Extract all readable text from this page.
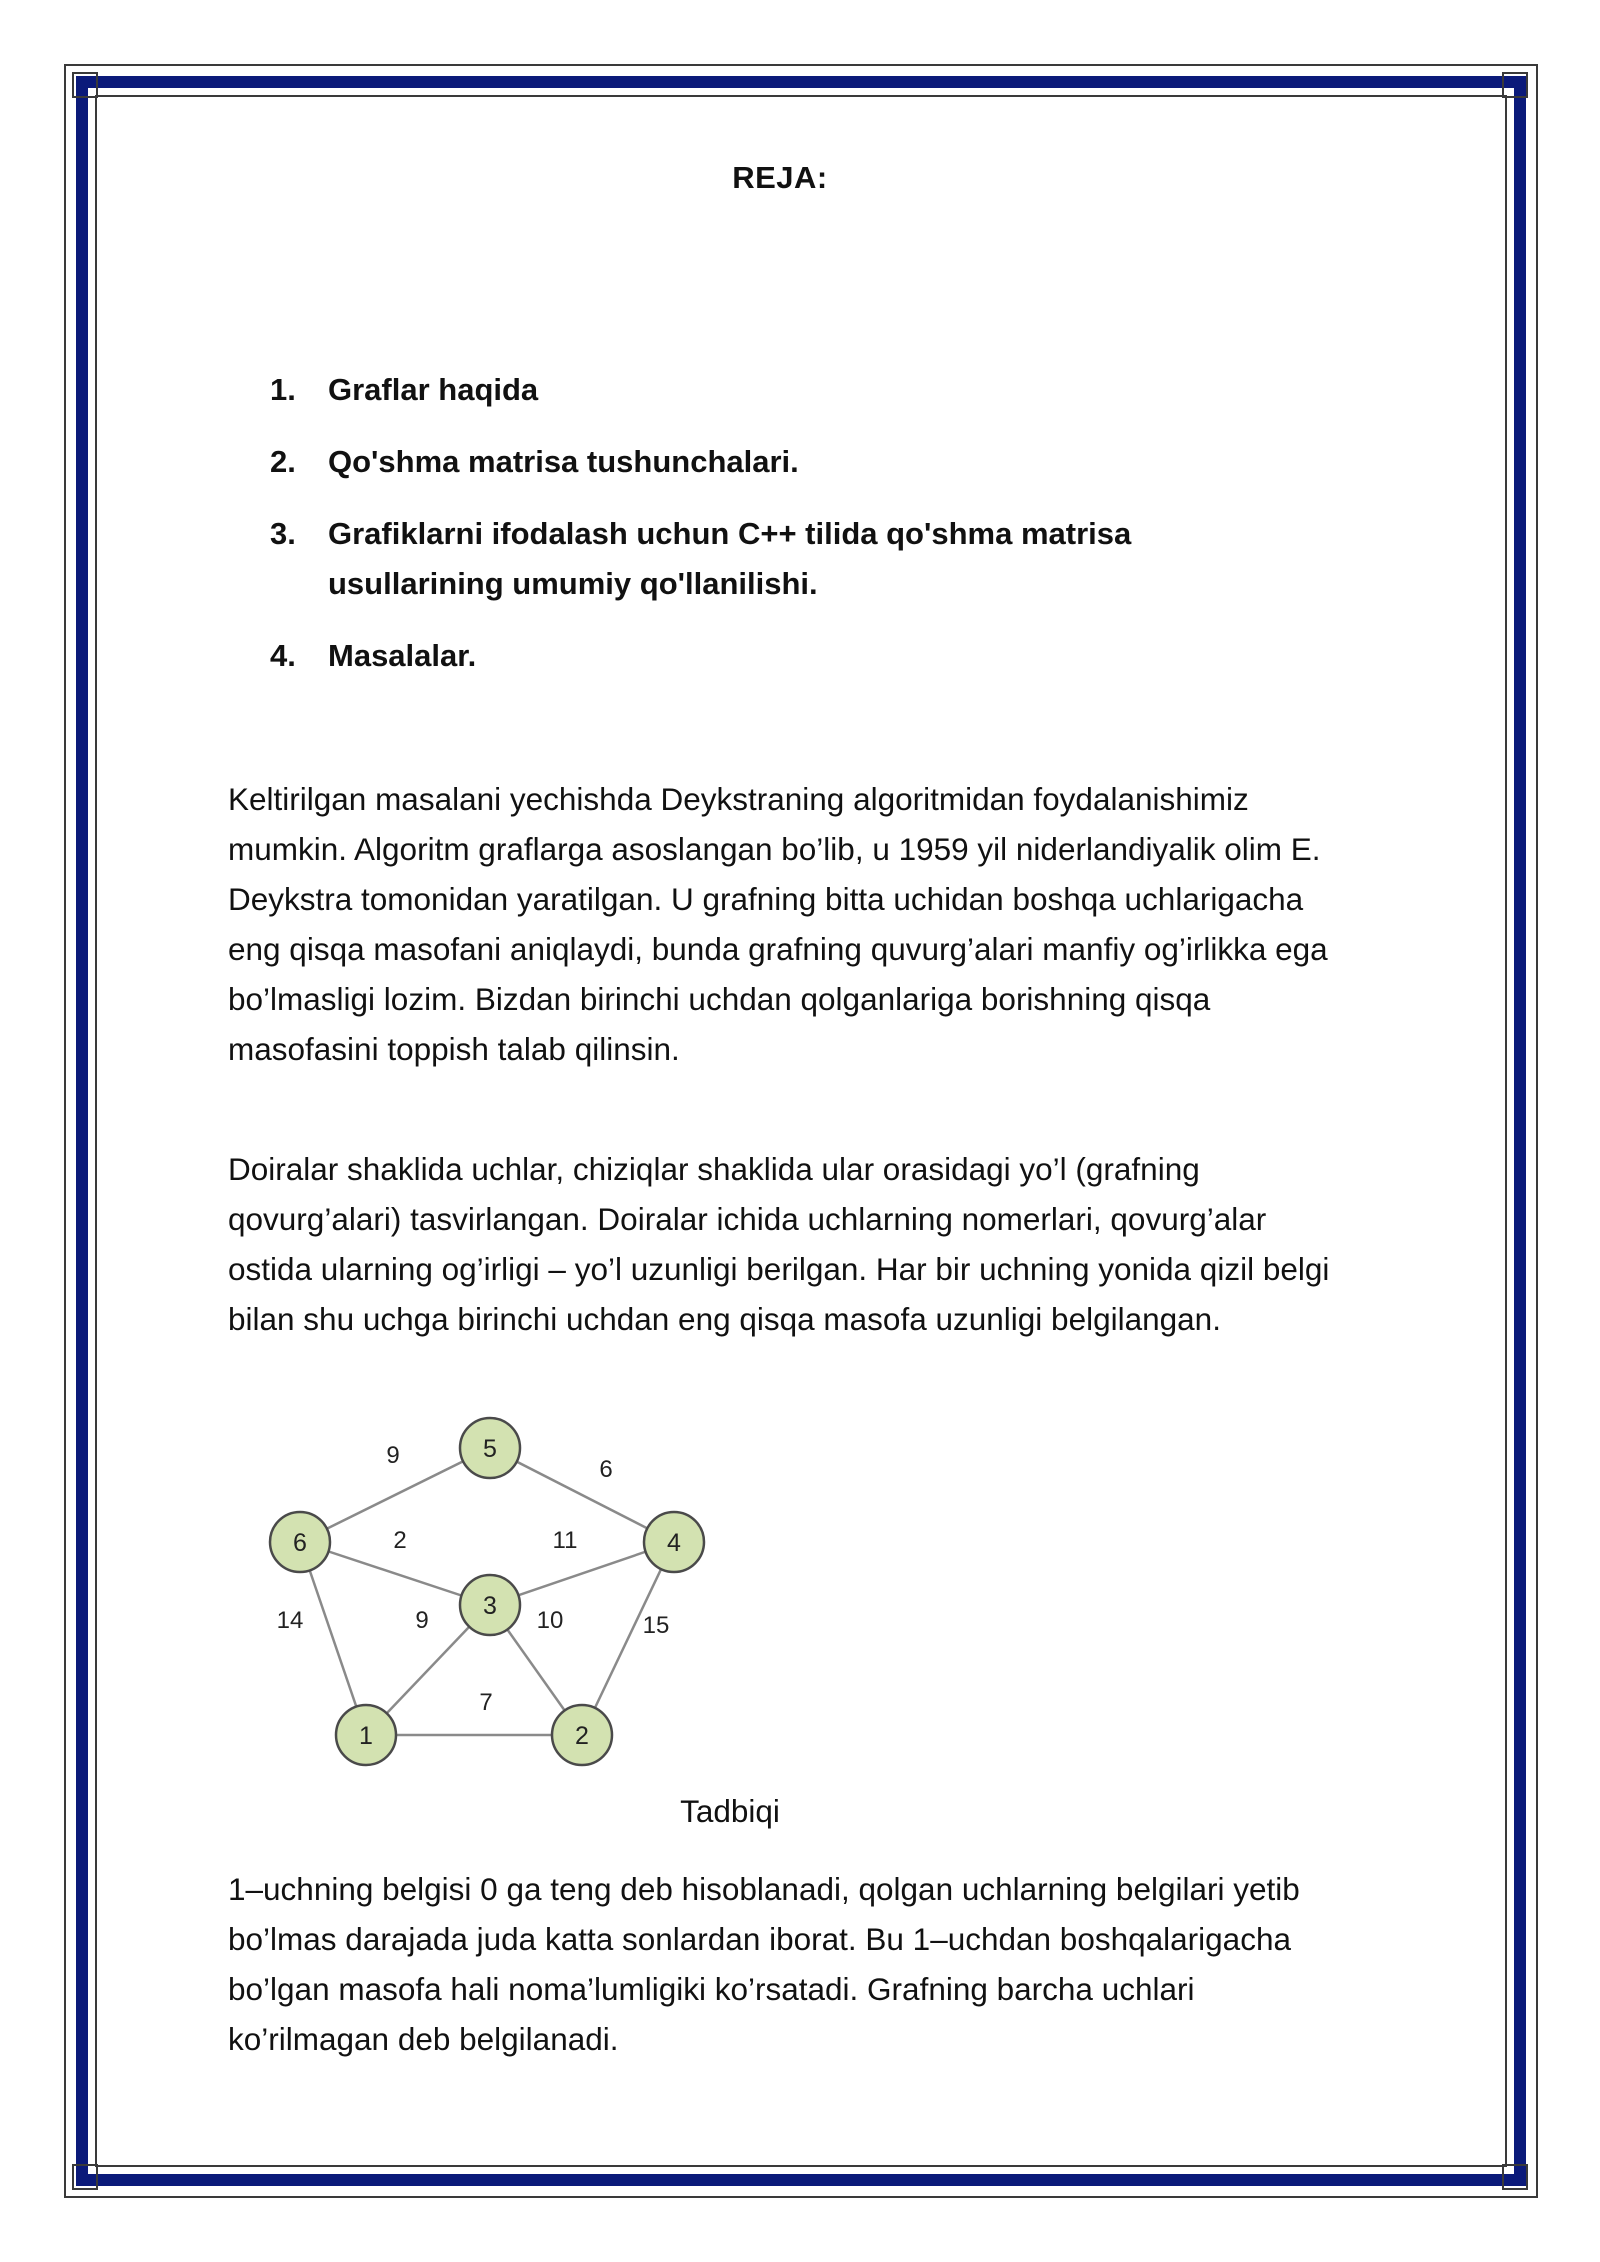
REJA:
1.	Graflar haqida
2.	Qo'shma matrisa tushunchalari.
3.	Grafiklarni ifodalash uchun C++ tilida qo'shma matrisa usullarining umumiy qo'llanilishi.
4.	Masalalar.

Keltirilgan masalani yechishda Deykstraning algoritmidan foydalanishimiz mumkin. Algoritm graflarga asoslangan bo’lib, u 1959 yil niderlandiyalik olim E. Deykstra tomonidan yaratilgan. U grafning bitta uchidan boshqa uchlarigacha eng qisqa masofani aniqlaydi, bunda grafning quvurg’alari manfiy og’irlikka ega bo’lmasligi lozim. Bizdan birinchi uchdan qolganlariga borishning qisqa masofasini toppish talab qilinsin.

Doiralar shaklida uchlar, chiziqlar shaklida ular orasidagi yo’l (grafning qovurg’alari) tasvirlangan. Doiralar ichida uchlarning nomerlari, qovurg’alar ostida ularning og’irligi – yo’l uzunligi berilgan. Har bir uchning yonida qizil belgi bilan shu uchga birinchi uchdan eng qisqa masofa uzunligi belgilangan.

9
6
2	11
14	9	10	15
7
1	2
3
4
5
6
Tadbiqi

1–uchning belgisi 0 ga teng deb hisoblanadi, qolgan uchlarning belgilari yetib bo’lmas darajada juda katta sonlardan iborat. Bu 1–uchdan boshqalarigacha bo’lgan masofa hali noma’lumligiki ko’rsatadi. Grafning barcha uchlari ko’rilmagan deb belgilanadi.
